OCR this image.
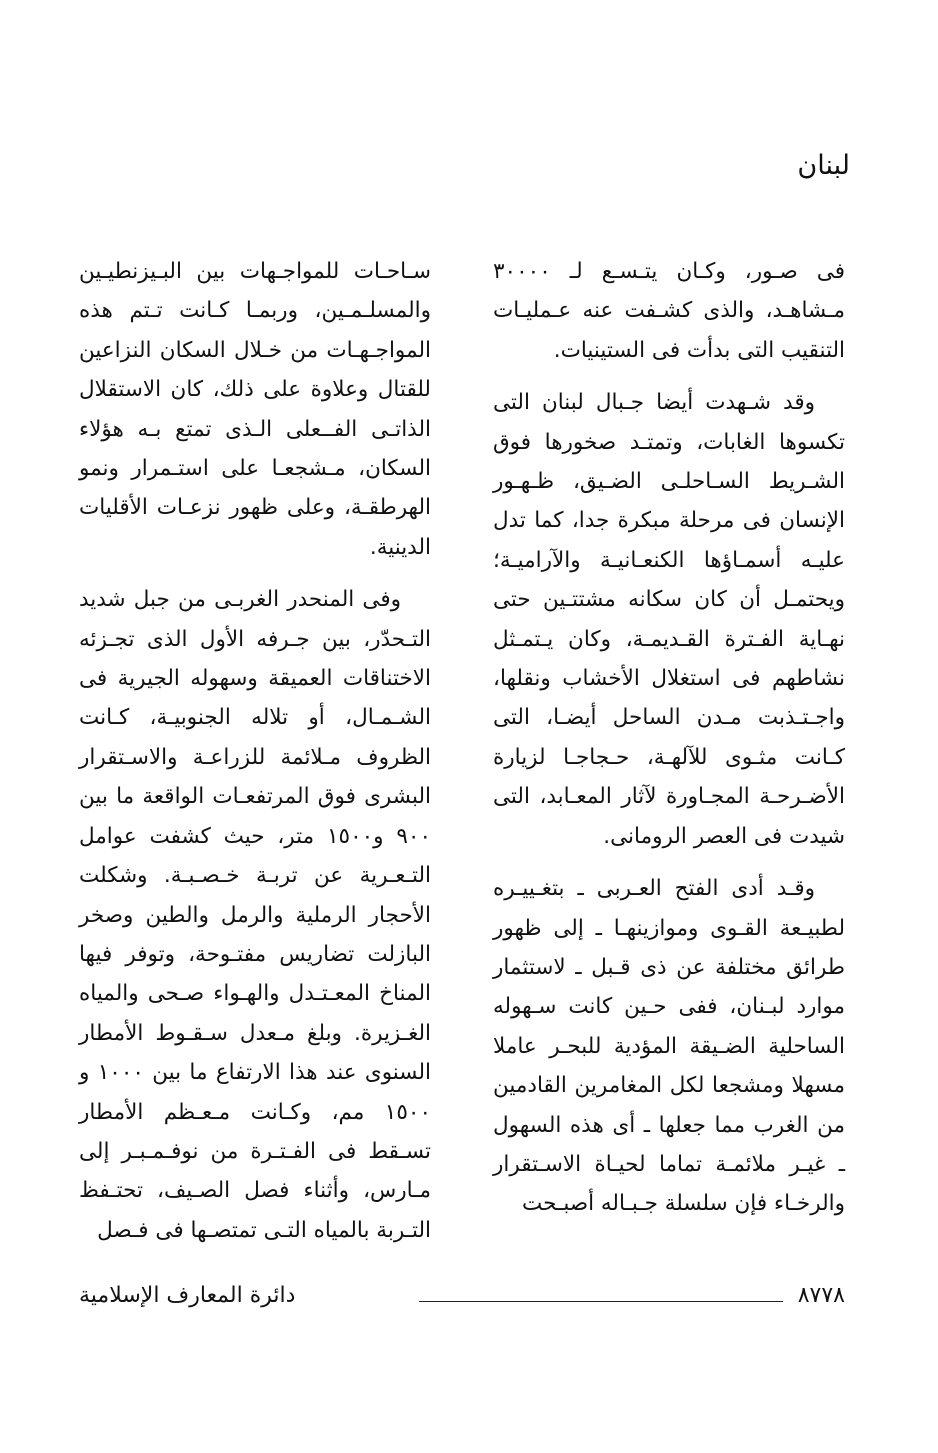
لبنان

فى صـور، وكـان يتـسـع لـ ٣٠٠٠٠ مـشاهـد، والذى كشـفت عنه عـمليـات التنقيب التى بدأت فى الستينيات.

وقد شـهدت أيضا جـبال لبنان التى تكسوها الغابات، وتمتـد صخورها فوق الشـريط السـاحلـى الضـيق، ظـهـور الإنسان فى مرحلة مبكرة جدا، كما تدل عليـه أسمـاؤها الكنعـانيـة والآراميـة؛ ويحتمـل أن كان سكانه مشتتـين حتى نهـاية الفـترة القـديمـة، وكان يـتمـثل نشاطهم فى استغلال الأخشاب ونقلها، واجـتـذبت مـدن الساحل أيضـا، التى كـانت مثـوى للآلهـة، حـجاجـا لزيارة الأضـرحـة المجـاورة لآثار المعـابد، التى شيدت فى العصر الرومانى.

وقـد أدى الفتح العـربى ـ بتغـييـره لطبيـعة القـوى وموازينهـا ـ إلى ظهور طرائق مختلفة عن ذى قـبل ـ لاستثمار موارد لبـنان، ففى حـين كانت سـهوله الساحلية الضـيقة المؤدية للبحـر عاملا مسهلا ومشجعا لكل المغامرين القادمين من الغرب مما جعلها ـ أى هذه السهول ـ غيـر ملائمـة تماما لحيـاة الاسـتقرار والرخـاء فإن سلسلة جـبـاله أصبـحت

سـاحـات للمواجـهات بين البـيزنطيـين والمسلـمـين، وربمـا كـانت تـتم هذه المواجـهـات من خـلال السكان النزاعين للقتال وعلاوة على ذلك، كان الاستقلال الذاتـى الفــعلى الـذى تمتع بـه هؤلاء السكان، مـشجعـا على استـمرار ونمو الهرطقـة، وعلى ظهور نزعـات الأقليات الدينية.

وفى المنحدر الغربـى من جبل شديد التـحدّر، بين جـرفه الأول الذى تجـزئه الاختناقات العميقة وسهوله الجيرية فى الشـمـال، أو تلاله الجنوبيـة، كـانت الظروف مـلائمة للزراعـة والاسـتقرار البشرى فوق المرتفعـات الواقعة ما بين ٩٠٠ و١٥٠٠ متر، حيث كشفت عوامل التـعـرية عن تربـة خـصـبـة. وشكلت الأحجار الرملية والرمل والطين وصخر البازلت تضاريس مفتـوحة، وتوفر فيها المناخ المعـتـدل والهـواء صـحى والمياه الغـزيرة. وبلغ مـعدل سـقـوط الأمطار السنوى عند هذا الارتفاع ما بين ١٠٠٠ و ١٥٠٠ مم، وكـانت مـعـظم الأمطار تسـقط فى الفـتـرة من نوفـمـبـر إلى مـارس، وأثناء فصل الصـيف، تحتـفظ التـربة بالمياه التـى تمتصـها فى فـصل

٨٧٧٨

دائرة المعارف الإسلامية
